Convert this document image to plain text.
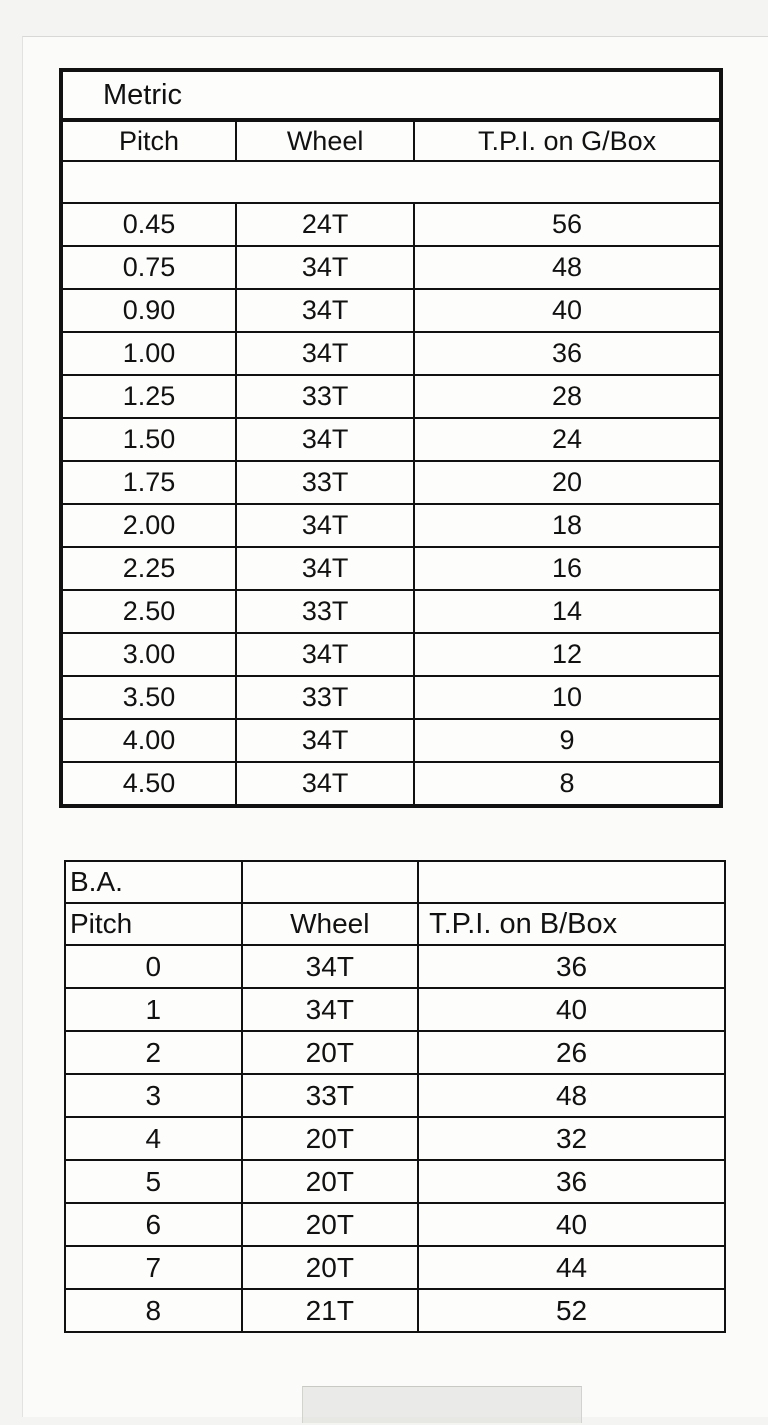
Metric		
Pitch	Wheel	T.P.I. on G/Box

0.45	24T	56
0.75	34T	48
0.90	34T	40
1.00	34T	36
1.25	33T	28
1.50	34T	24
1.75	33T	20
2.00	34T	18
2.25	34T	16
2.50	33T	14
3.00	34T	12
3.50	33T	10
4.00	34T	9
4.50	34T	8
B.A.		
Pitch	Wheel	T.P.I. on B/Box
0	34T	36
1	34T	40
2	20T	26
3	33T	48
4	20T	32
5	20T	36
6	20T	40
7	20T	44
8	21T	52
